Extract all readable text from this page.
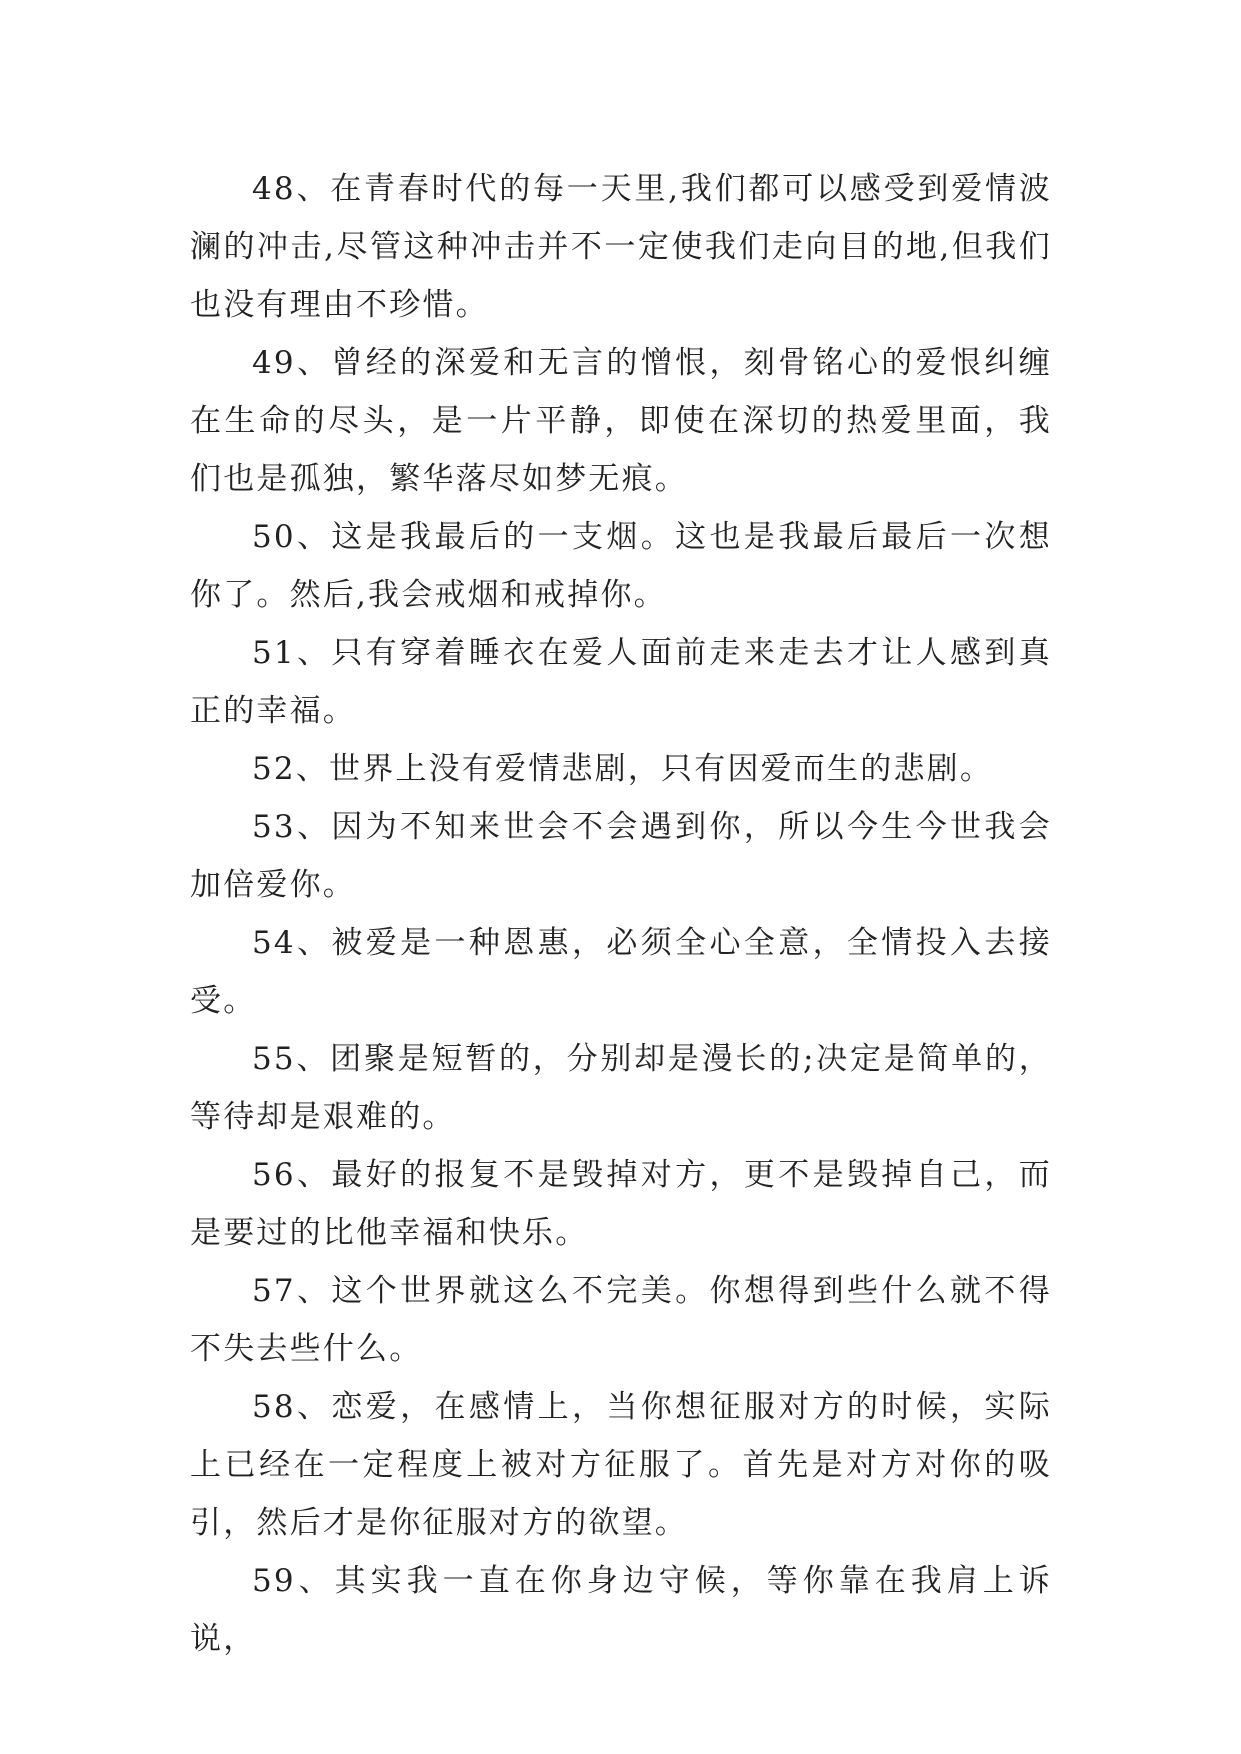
48、在青春时代的每一天里,我们都可以感受到爱情波澜的冲击,尽管这种冲击并不一定使我们走向目的地,但我们也没有理由不珍惜。

49、曾经的深爱和无言的憎恨，刻骨铭心的爱恨纠缠在生命的尽头，是一片平静，即使在深切的热爱里面，我们也是孤独，繁华落尽如梦无痕。

50、这是我最后的一支烟。这也是我最后最后一次想你了。然后,我会戒烟和戒掉你。

51、只有穿着睡衣在爱人面前走来走去才让人感到真正的幸福。

52、世界上没有爱情悲剧，只有因爱而生的悲剧。

53、因为不知来世会不会遇到你，所以今生今世我会加倍爱你。

54、被爱是一种恩惠，必须全心全意，全情投入去接受。

55、团聚是短暂的，分别却是漫长的;决定是简单的，等待却是艰难的。

56、最好的报复不是毁掉对方，更不是毁掉自己，而是要过的比他幸福和快乐。

57、这个世界就这么不完美。你想得到些什么就不得不失去些什么。

58、恋爱，在感情上，当你想征服对方的时候，实际上已经在一定程度上被对方征服了。首先是对方对你的吸引，然后才是你征服对方的欲望。

59、其实我一直在你身边守候，等你靠在我肩上诉说，
